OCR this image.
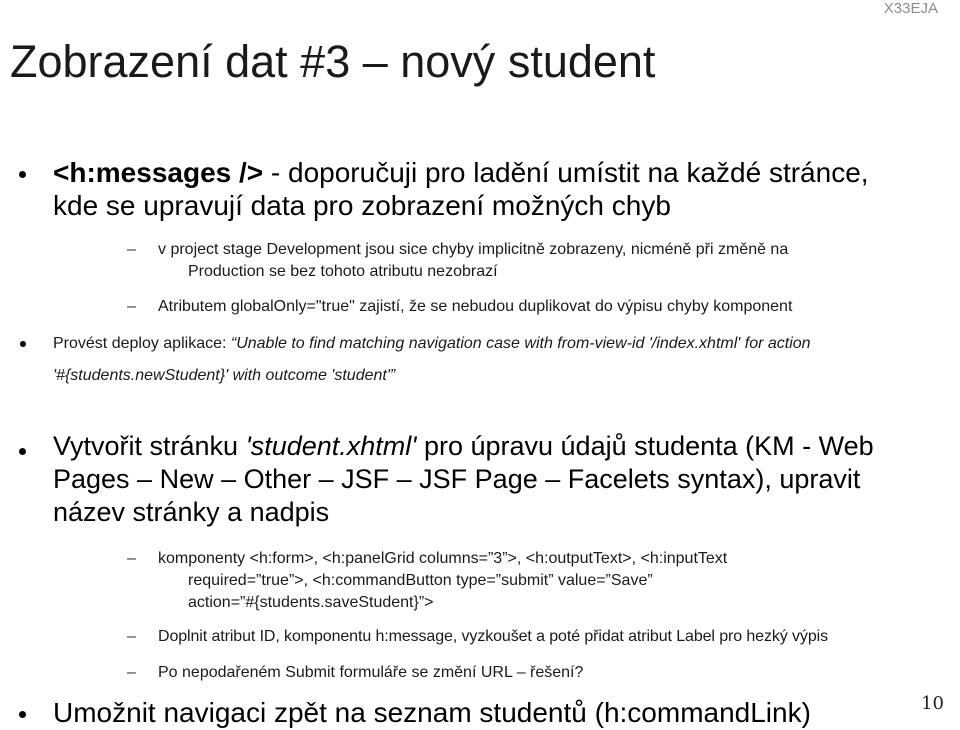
X33EJA
Zobrazení dat #3 – nový student
<h:messages /> - doporučuji pro ladění umístit na každé stránce,
kde se upravují data pro zobrazení možných chyb
– v project stage Development jsou sice chyby implicitně zobrazeny, nicméně při změně na
Production se bez tohoto atributu nezobrazí
– Atributem globalOnly="true" zajistí, že se nebudou duplikovat do výpisu chyby komponent
Provést deploy aplikace: “Unable to find matching navigation case with from-view-id '/index.xhtml' for action
'#{students.newStudent}' with outcome 'student'”
Vytvořit stránku 'student.xhtml' pro úpravu údajů studenta (KM - Web
Pages – New – Other – JSF – JSF Page – Facelets syntax), upravit
název stránky a nadpis
– komponenty <h:form>, <h:panelGrid columns=”3”>, <h:outputText>, <h:inputText
required=”true”>, <h:commandButton type=”submit” value=”Save”
action=”#{students.saveStudent}”>
– Doplnit atribut ID, komponentu h:message, vyzkoušet a poté přidat atribut Label pro hezký výpis
– Po nepodařeném Submit formuláře se změní URL – řešení?
Umožnit navigaci zpět na seznam studentů (h:commandLink)	10
